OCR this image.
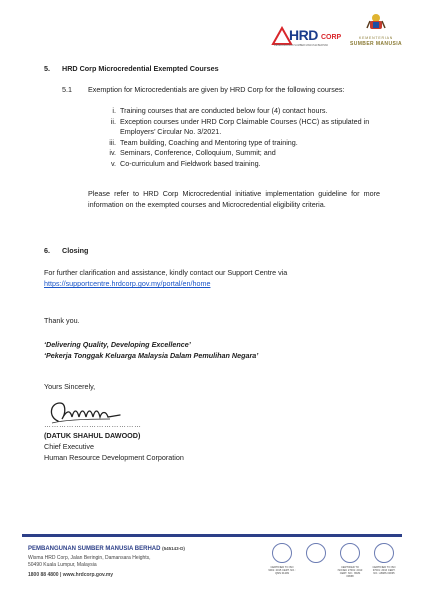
HRD CORP
PEMBANGUNAN SUMBER MANUSIA BERHAD
KEMENTERIAN
SUMBER MANUSIA
5. HRD Corp Microcredential Exempted Courses
5.1 Exemption for Microcredentials are given by HRD Corp for the following courses:
i. Training courses that are conducted below four (4) contact hours.
ii. Exception courses under HRD Corp Claimable Courses (HCC) as stipulated in Employers’ Circular No. 3/2021.
iii. Team building, Coaching and Mentoring type of training.
iv. Seminars, Conference, Colloquium, Summit; and
v. Co-curriculum and Fieldwork based training.
Please refer to HRD Corp Microcredential initiative implementation guideline for more information on the exempted courses and Microcredential eligibility criteria.
6. Closing
For further clarification and assistance, kindly contact our Support Centre via
https://supportcentre.hrdcorp.gov.my/portal/en/home
Thank you.
‘Delivering Quality, Developing Excellence’
‘Pekerja Tonggak Keluarga Malaysia Dalam Pemulihan Negara’
Yours Sincerely,
…………………………………
(DATUK SHAHUL DAWOOD)
Chief Executive
Human Resource Development Corporation
PEMBANGUNAN SUMBER MANUSIA BERHAD (545143-D)
Wisma HRD Corp, Jalan Beringin, Damansara Heights,
50490 Kuala Lumpur, Malaysia
1800 88 4800 | www.hrdcorp.gov.my
CERTIFIED TO ISO 9001: 2015 CERT. NO.: QMS 01299
CERTIFIED TO ISO/IEC 27001: 2013 CERT. NO.: ISMS 00668
CERTIFIED TO ISO 37001: 2016 CERT. NO.: ABMS 00035
